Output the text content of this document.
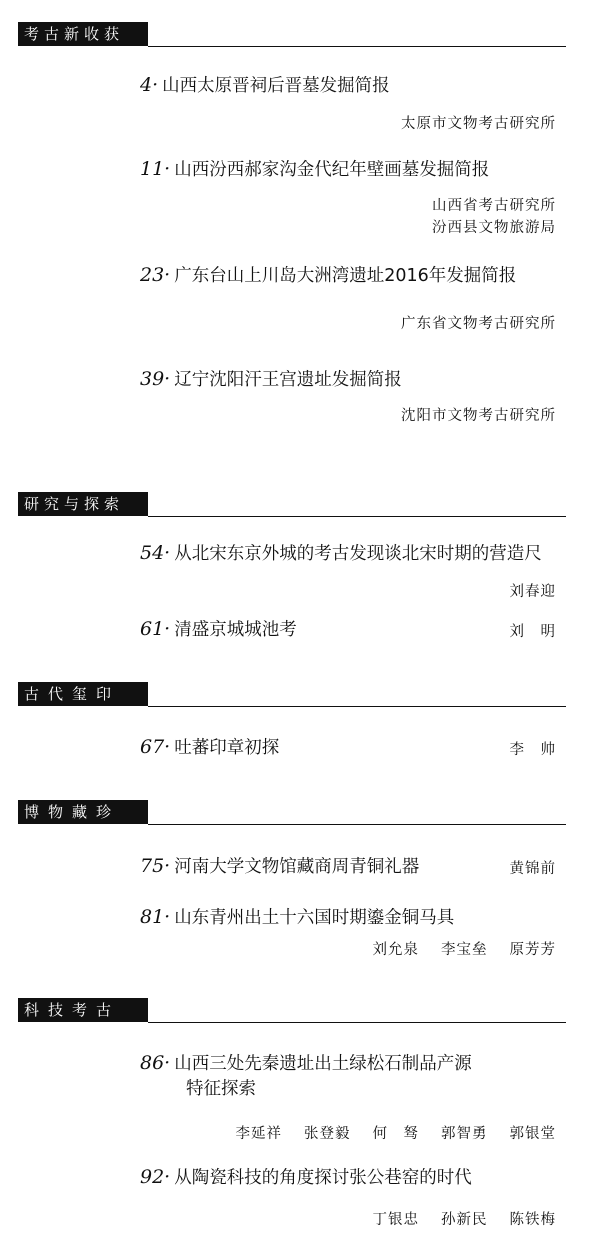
考古新收获
4· 山西太原晋祠后晋墓发掘简报
太原市文物考古研究所
11· 山西汾西郝家沟金代纪年壁画墓发掘简报
山西省考古研究所
汾西县文物旅游局
23· 广东台山上川岛大洲湾遗址2016年发掘简报
广东省文物考古研究所
39· 辽宁沈阳汗王宫遗址发掘简报
沈阳市文物考古研究所
研究与探索
54· 从北宋东京外城的考古发现谈北宋时期的营造尺
刘春迎
61· 清盛京城城池考	刘　明
古代玺印
67· 吐蕃印章初探	李　帅
博物藏珍
75· 河南大学文物馆藏商周青铜礼器	黄锦前
81· 山东青州出土十六国时期鎏金铜马具
刘允泉 李宝垒 原芳芳
科技考古
86· 山西三处先秦遗址出土绿松石制品产源
特征探索
李延祥 张登毅 何　驽 郭智勇 郭银堂
92· 从陶瓷科技的角度探讨张公巷窑的时代
丁银忠 孙新民 陈铁梅
